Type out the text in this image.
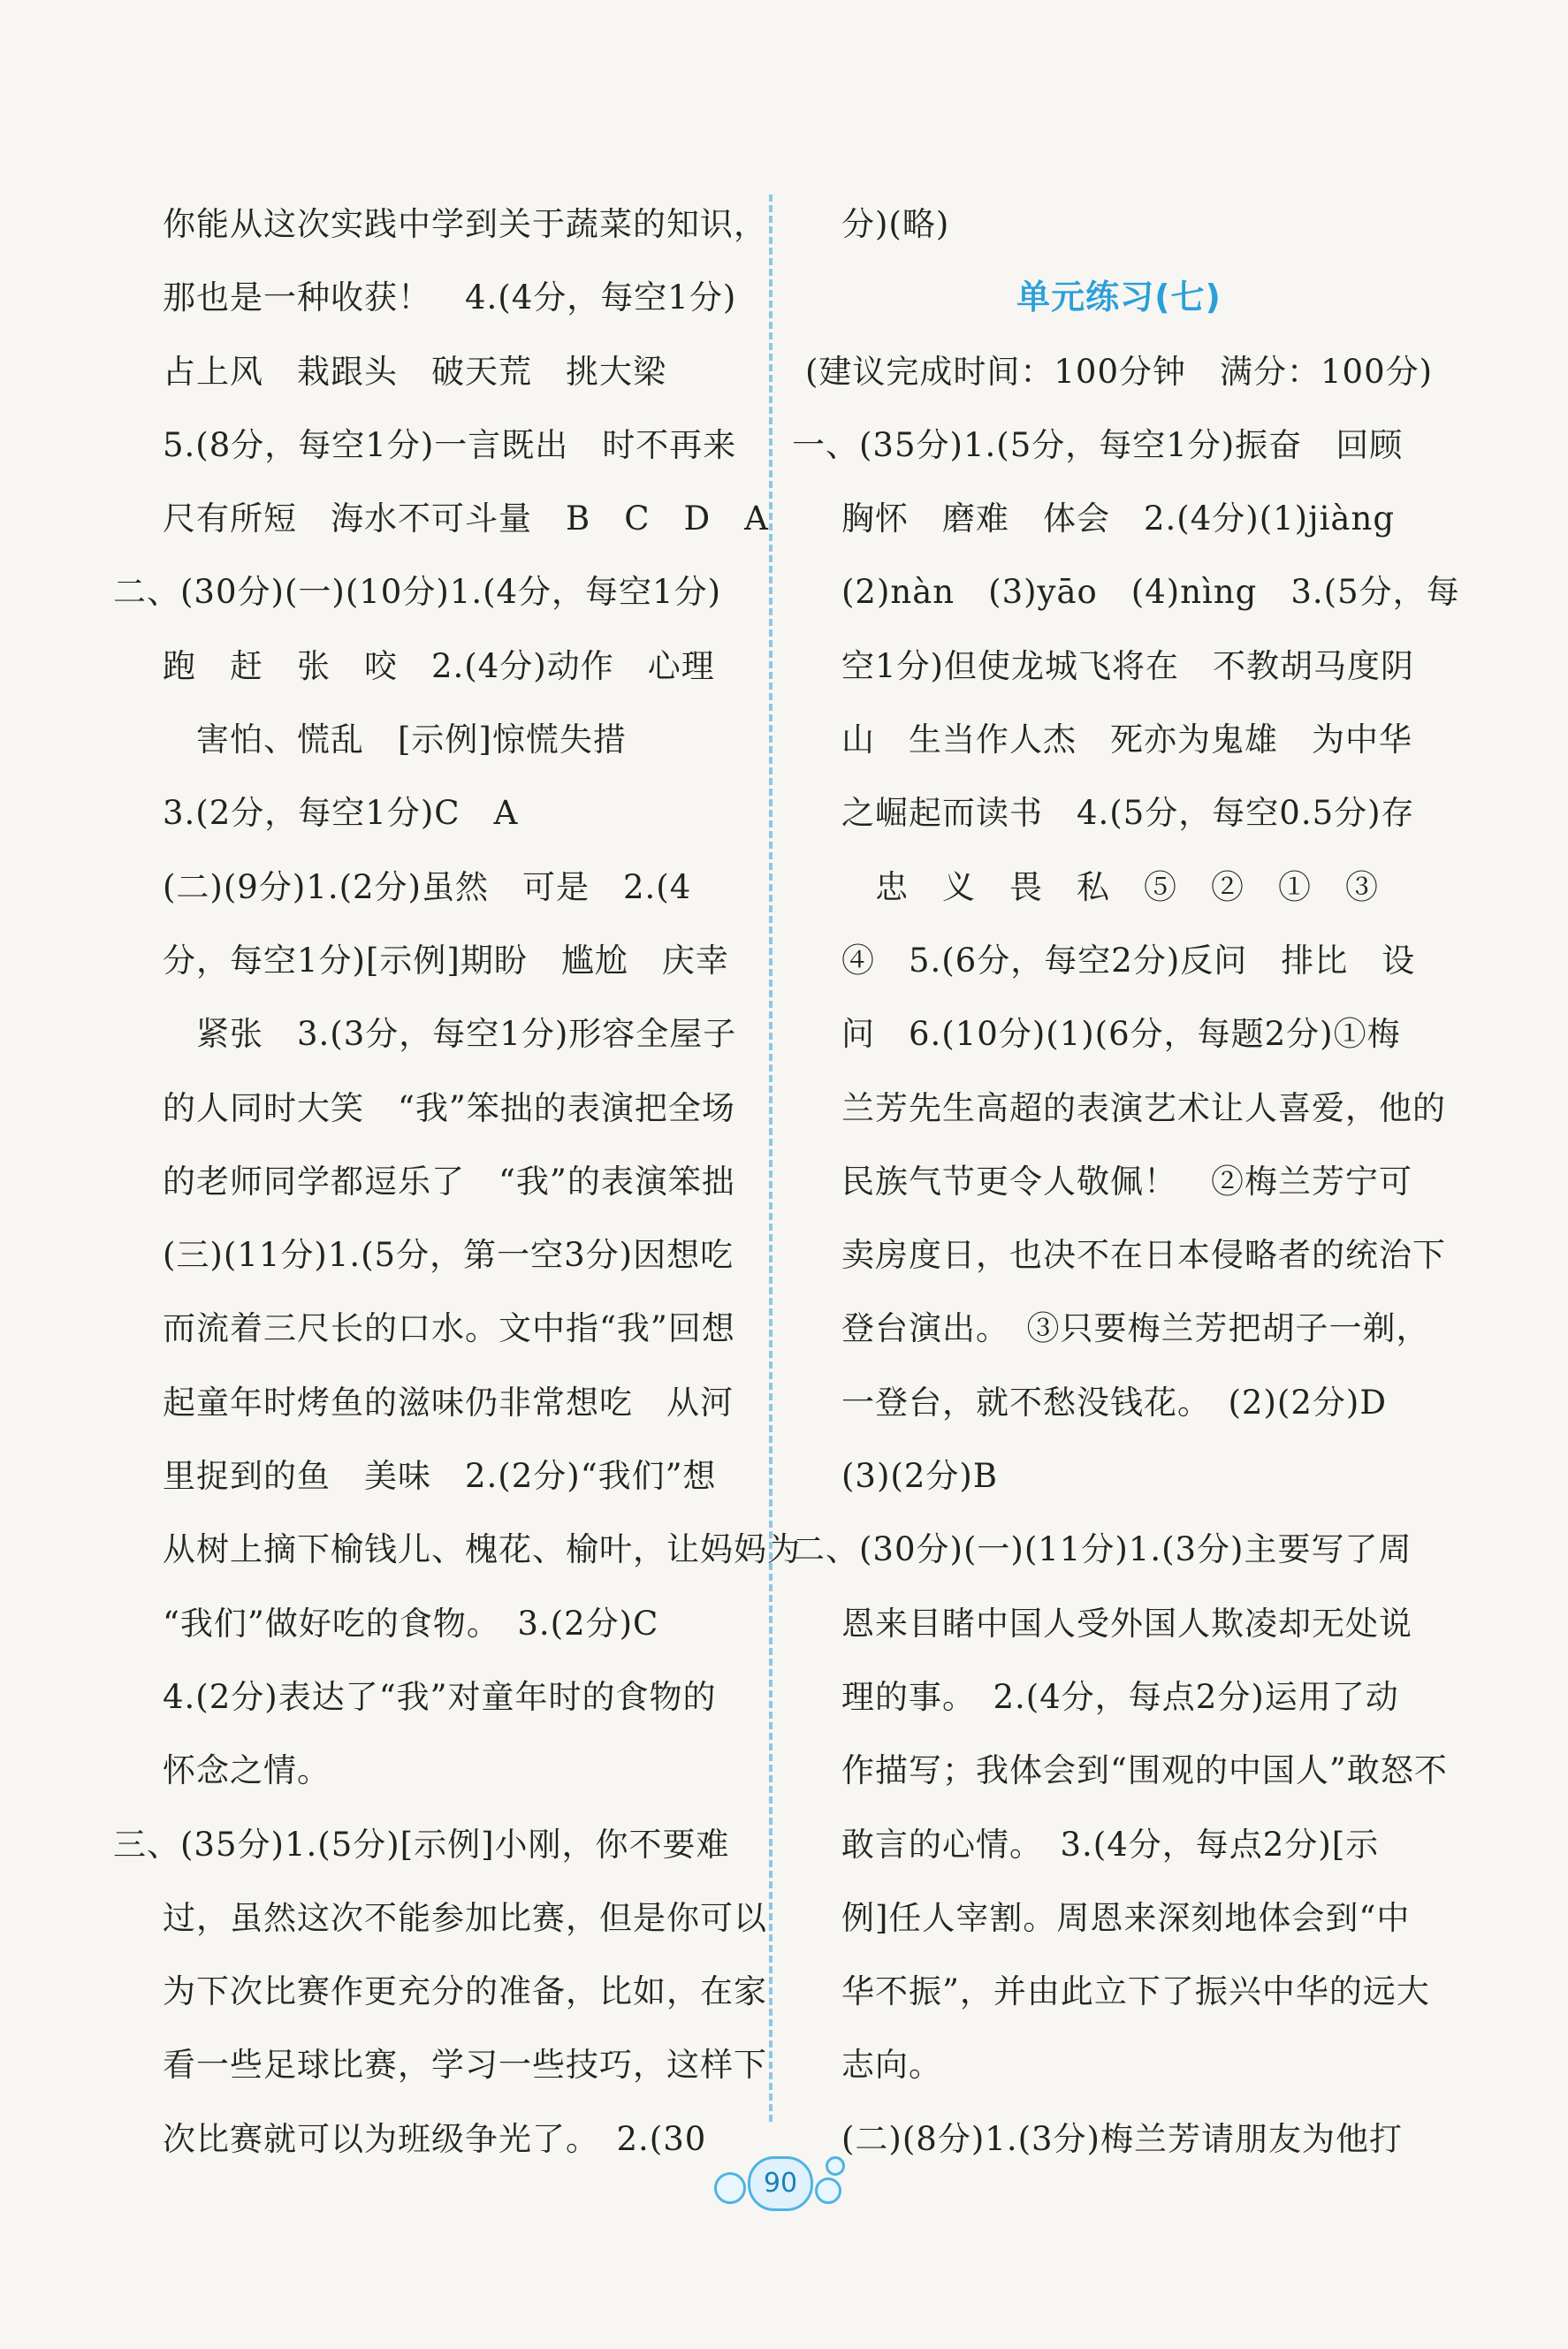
你能从这次实践中学到关于蔬菜的知识，
那也是一种收获！　4.(4分，每空1分)
占上风　栽跟头　破天荒　挑大梁
5.(8分，每空1分)一言既出　时不再来
尺有所短　海水不可斗量　B　C　D　A
二、(30分)(一)(10分)1.(4分，每空1分)
跑　赶　张　咬　2.(4分)动作　心理
　害怕、慌乱　[示例]惊慌失措
3.(2分，每空1分)C　A
(二)(9分)1.(2分)虽然　可是　2.(4
分，每空1分)[示例]期盼　尴尬　庆幸
　紧张　3.(3分，每空1分)形容全屋子
的人同时大笑　“我”笨拙的表演把全场
的老师同学都逗乐了　“我”的表演笨拙
(三)(11分)1.(5分，第一空3分)因想吃
而流着三尺长的口水。文中指“我”回想
起童年时烤鱼的滋味仍非常想吃　从河
里捉到的鱼　美味　2.(2分)“我们”想
从树上摘下榆钱儿、槐花、榆叶，让妈妈为
“我们”做好吃的食物。　3.(2分)C
4.(2分)表达了“我”对童年时的食物的
怀念之情。
三、(35分)1.(5分)[示例]小刚，你不要难
过，虽然这次不能参加比赛，但是你可以
为下次比赛作更充分的准备，比如，在家
看一些足球比赛，学习一些技巧，这样下
次比赛就可以为班级争光了。　2.(30
分)(略)
单元练习(七)
(建议完成时间：100分钟　满分：100分)
一、(35分)1.(5分，每空1分)振奋　回顾
胸怀　磨难　体会　2.(4分)(1)jiàng
(2)nàn　(3)yāo　(4)nìng　3.(5分，每
空1分)但使龙城飞将在　不教胡马度阴
山　生当作人杰　死亦为鬼雄　为中华
之崛起而读书　4.(5分，每空0.5分)存
　忠　义　畏　私　⑤　②　①　③
④　5.(6分，每空2分)反问　排比　设
问　6.(10分)(1)(6分，每题2分)①梅
兰芳先生高超的表演艺术让人喜爱，他的
民族气节更令人敬佩！　②梅兰芳宁可
卖房度日，也决不在日本侵略者的统治下
登台演出。　③只要梅兰芳把胡子一剃，
一登台，就不愁没钱花。　(2)(2分)D
(3)(2分)B
二、(30分)(一)(11分)1.(3分)主要写了周
恩来目睹中国人受外国人欺凌却无处说
理的事。　2.(4分，每点2分)运用了动
作描写；我体会到“围观的中国人”敢怒不
敢言的心情。　3.(4分，每点2分)[示
例]任人宰割。周恩来深刻地体会到“中
华不振”，并由此立下了振兴中华的远大
志向。
(二)(8分)1.(3分)梅兰芳请朋友为他打
90
